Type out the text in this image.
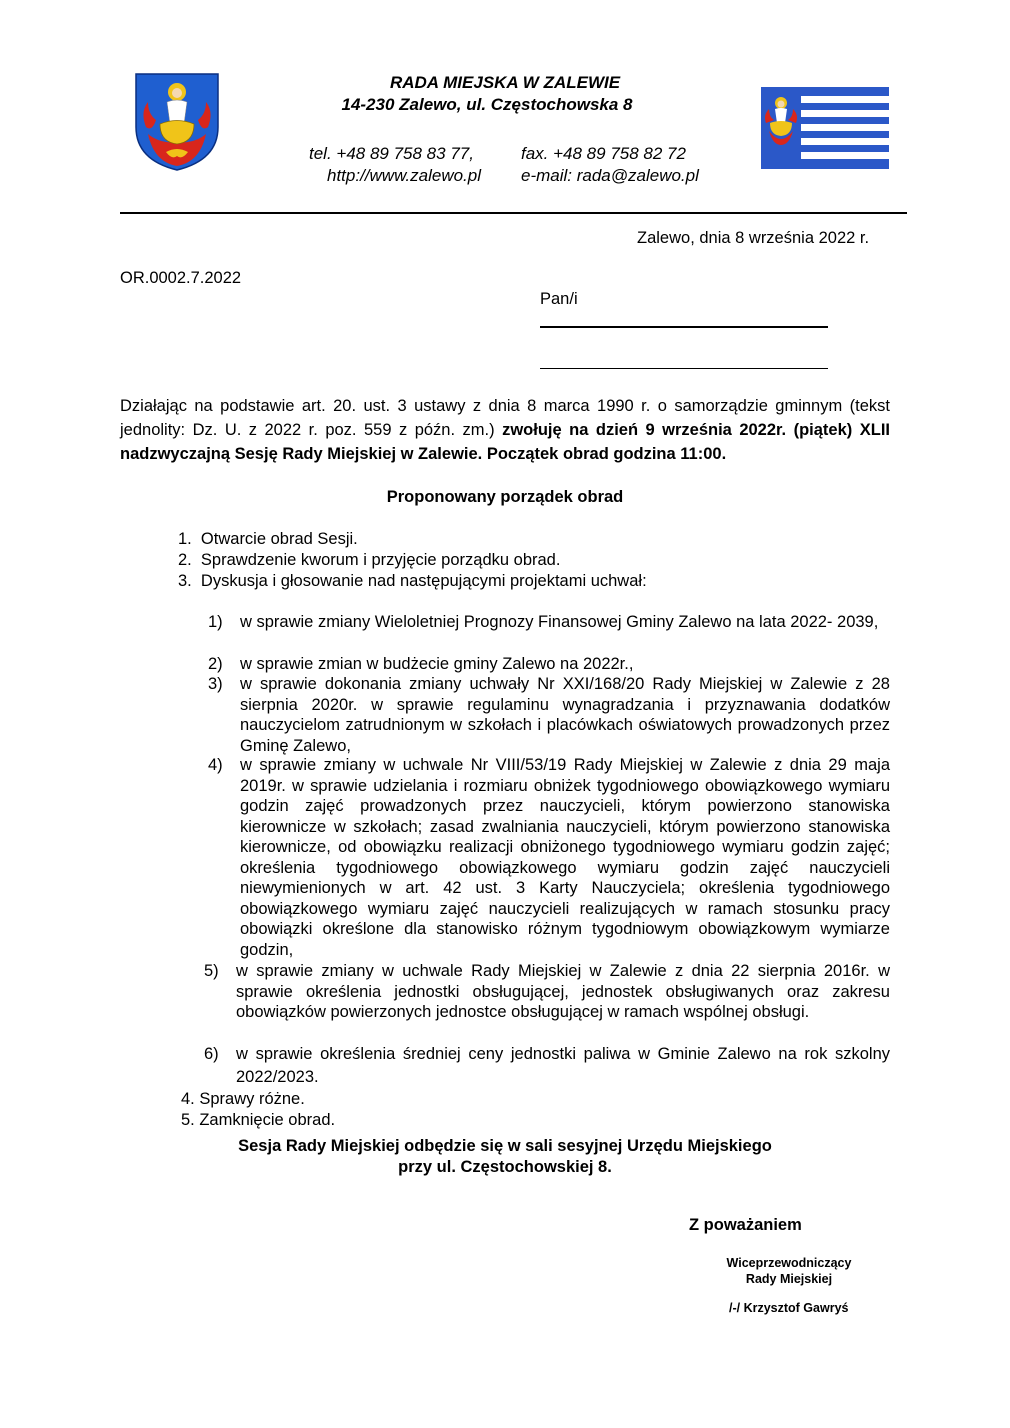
RADA MIEJSKA W ZALEWIE
14-230 Zalewo, ul. Częstochowska 8
tel. +48 89 758 83 77,	fax. +48 89 758 82 72
http://www.zalewo.pl e-mail: rada@zalewo.pl
Zalewo, dnia 8 września 2022 r.
OR.0002.7.2022
Pan/i
Działając na podstawie art. 20. ust. 3 ustawy z dnia 8 marca 1990 r. o samorządzie gminnym (tekst jednolity: Dz. U. z 2022 r. poz. 559 z późn. zm.) zwołuję na dzień 9 września 2022r. (piątek) XLII nadzwyczajną Sesję Rady Miejskiej w Zalewie. Początek obrad godzina 11:00.
Proponowany porządek obrad
1.  Otwarcie obrad Sesji.
2.  Sprawdzenie kworum i przyjęcie porządku obrad.
3.  Dyskusja i głosowanie nad następującymi projektami uchwał:
1) w sprawie zmiany Wieloletniej Prognozy Finansowej Gminy Zalewo na lata 2022- 2039,
2) w sprawie zmian w budżecie gminy Zalewo na 2022r.,
3) w sprawie dokonania zmiany uchwały Nr XXI/168/20 Rady Miejskiej w Zalewie z 28 sierpnia 2020r. w sprawie regulaminu wynagradzania i przyznawania dodatków nauczycielom zatrudnionym w szkołach i placówkach oświatowych prowadzonych przez Gminę Zalewo,
4) w sprawie zmiany w uchwale Nr VIII/53/19 Rady Miejskiej w Zalewie z dnia 29 maja 2019r. w sprawie udzielania i rozmiaru obniżek tygodniowego obowiązkowego wymiaru godzin zajęć prowadzonych przez nauczycieli, którym powierzono stanowiska kierownicze w szkołach; zasad zwalniania nauczycieli, którym powierzono stanowiska kierownicze, od obowiązku realizacji obniżonego tygodniowego wymiaru godzin zajęć; określenia tygodniowego obowiązkowego wymiaru godzin zajęć nauczycieli niewymienionych w art. 42 ust. 3 Karty Nauczyciela; określenia tygodniowego obowiązkowego wymiaru zajęć nauczycieli realizujących w ramach stosunku pracy obowiązki określone dla stanowisko różnym tygodniowym obowiązkowym wymiarze godzin,
5) w sprawie zmiany w uchwale Rady Miejskiej w Zalewie z dnia 22 sierpnia 2016r. w sprawie określenia jednostki obsługującej, jednostek obsługiwanych oraz zakresu obowiązków powierzonych jednostce obsługującej w ramach wspólnej obsługi.
6) w sprawie określenia średniej ceny jednostki paliwa w Gminie Zalewo na rok szkolny 2022/2023.
4. Sprawy różne.
5. Zamknięcie obrad.
Sesja Rady Miejskiej odbędzie się w sali sesyjnej Urzędu Miejskiego
przy ul. Częstochowskiej 8.
Z poważaniem
Wiceprzewodniczący
Rady Miejskiej
/-/ Krzysztof Gawryś
